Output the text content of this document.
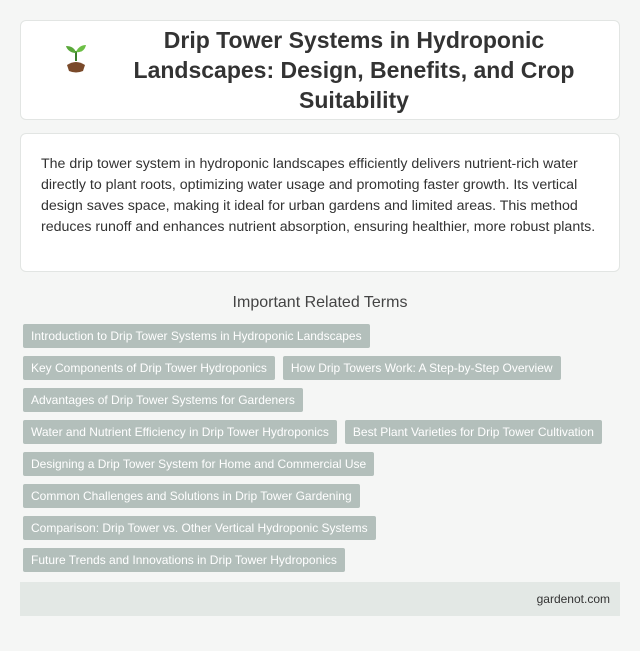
Drip Tower Systems in Hydroponic Landscapes: Design, Benefits, and Crop Suitability

The drip tower system in hydroponic landscapes efficiently delivers nutrient-rich water directly to plant roots, optimizing water usage and promoting faster growth. Its vertical design saves space, making it ideal for urban gardens and limited areas. This method reduces runoff and enhances nutrient absorption, ensuring healthier, more robust plants.

Important Related Terms
Introduction to Drip Tower Systems in Hydroponic Landscapes
Key Components of Drip Tower Hydroponics	How Drip Towers Work: A Step-by-Step Overview
Advantages of Drip Tower Systems for Gardeners
Water and Nutrient Efficiency in Drip Tower Hydroponics	Best Plant Varieties for Drip Tower Cultivation
Designing a Drip Tower System for Home and Commercial Use
Common Challenges and Solutions in Drip Tower Gardening
Comparison: Drip Tower vs. Other Vertical Hydroponic Systems
Future Trends and Innovations in Drip Tower Hydroponics
gardenot.com
